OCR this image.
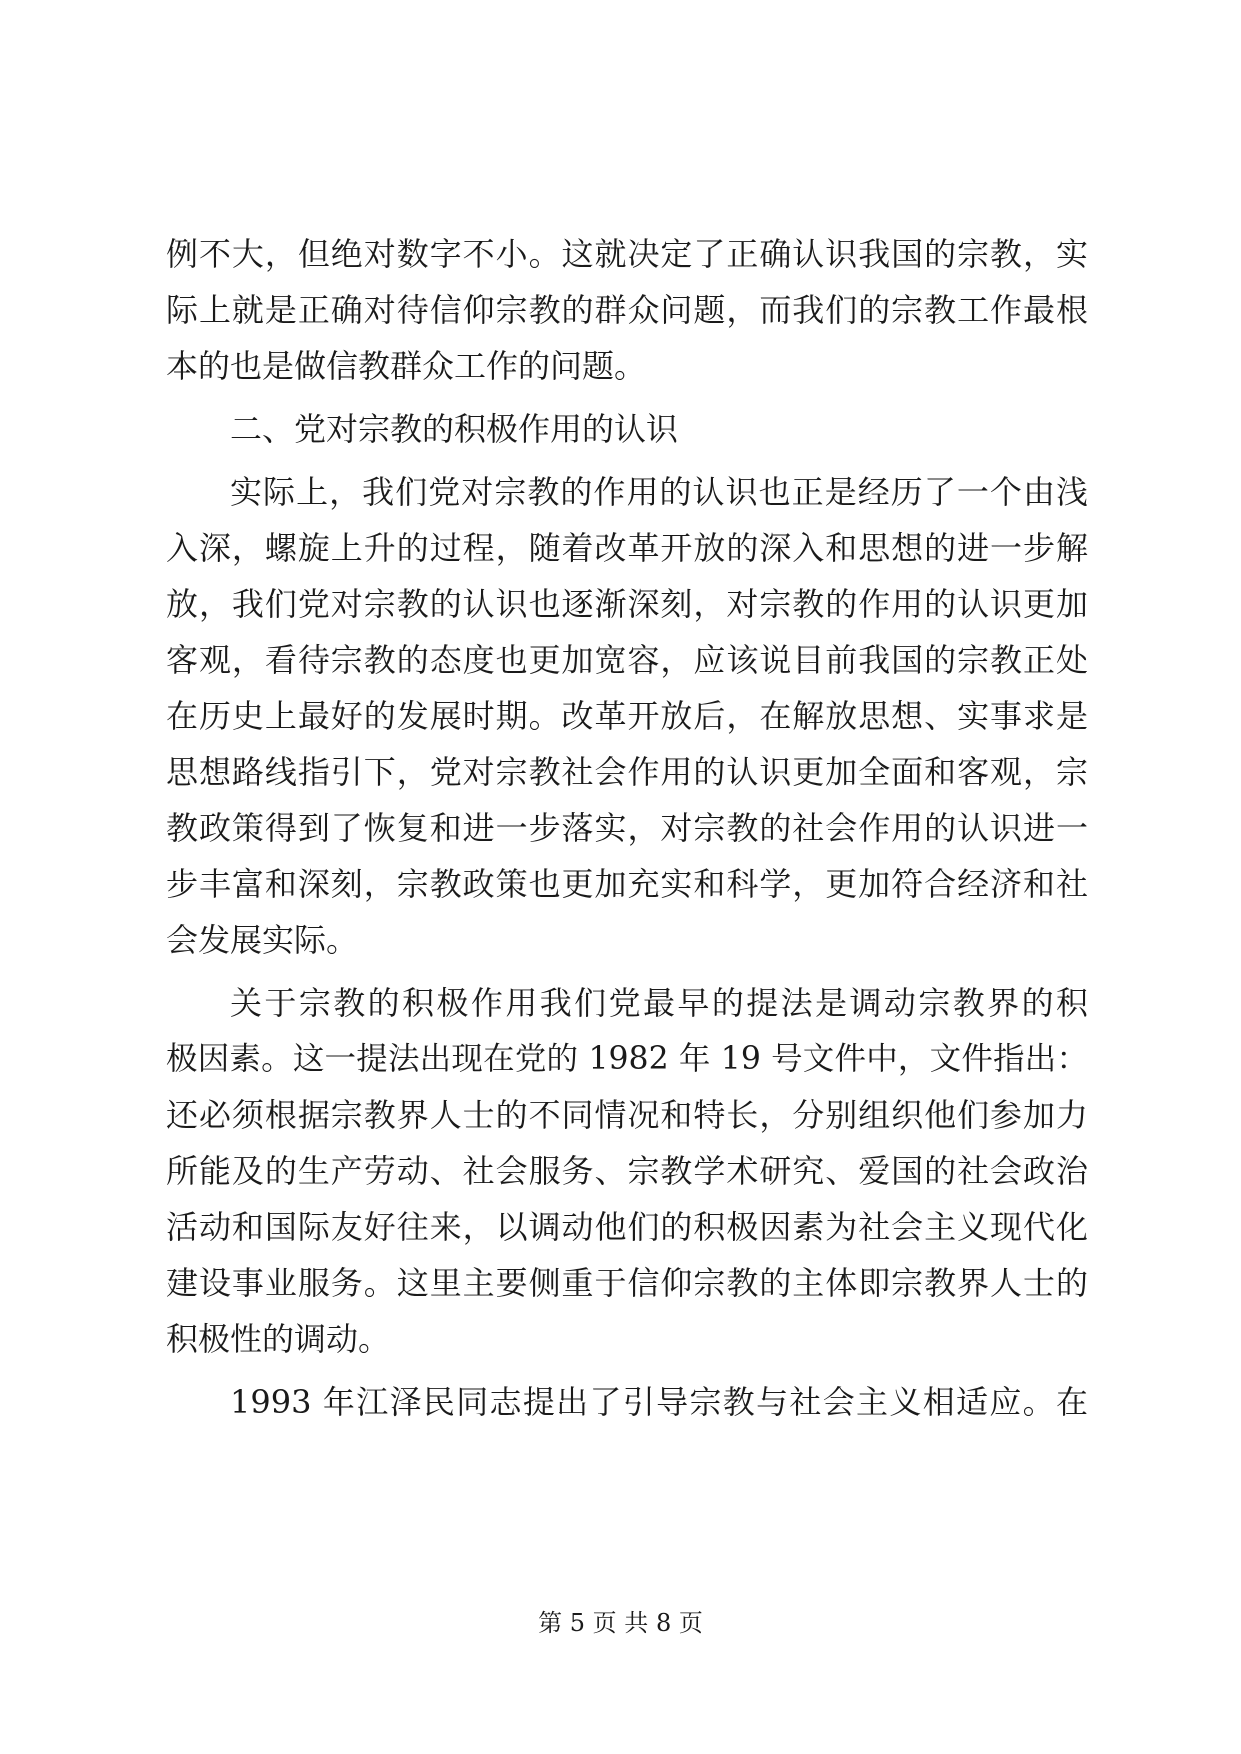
例不大，但绝对数字不小。这就决定了正确认识我国的宗教，实
际上就是正确对待信仰宗教的群众问题，而我们的宗教工作最根
本的也是做信教群众工作的问题。
二、党对宗教的积极作用的认识
实际上，我们党对宗教的作用的认识也正是经历了一个由浅
入深，螺旋上升的过程，随着改革开放的深入和思想的进一步解
放，我们党对宗教的认识也逐渐深刻，对宗教的作用的认识更加
客观，看待宗教的态度也更加宽容，应该说目前我国的宗教正处
在历史上最好的发展时期。改革开放后，在解放思想、实事求是
思想路线指引下，党对宗教社会作用的认识更加全面和客观，宗
教政策得到了恢复和进一步落实，对宗教的社会作用的认识进一
步丰富和深刻，宗教政策也更加充实和科学，更加符合经济和社
会发展实际。
关于宗教的积极作用我们党最早的提法是调动宗教界的积
极因素。这一提法出现在党的 1982 年 19 号文件中，文件指出：
还必须根据宗教界人士的不同情况和特长，分别组织他们参加力
所能及的生产劳动、社会服务、宗教学术研究、爱国的社会政治
活动和国际友好往来，以调动他们的积极因素为社会主义现代化
建设事业服务。这里主要侧重于信仰宗教的主体即宗教界人士的
积极性的调动。
1993 年江泽民同志提出了引导宗教与社会主义相适应。在
第 5 页 共 8 页
